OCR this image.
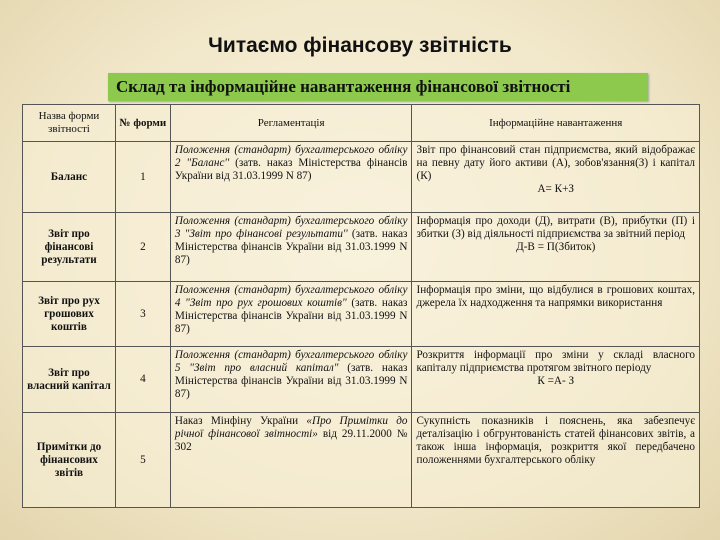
Читаємо фінансову звітність
Склад та інформаційне навантаження фінансової звітності
Назва форми звітності	№ форми	Регламентація	Інформаційне навантаження
Баланс	1	Положення (стандарт) бухгалтерського обліку 2 "Баланс'' (затв. наказ Міністерства фінансів України від 31.03.1999 N 87)	Звіт про фінансовий стан підприємства, який відображає на певну дату його активи (А), зобов'язання(З) і капітал (К)
А= К+З

Звіт про фінансові результати	2	Положення (стандарт) бухгалтерського обліку 3 "Звіт про фінансові результати'' (затв. наказ Міністерства фінансів України від 31.03.1999 N 87)	Інформація про доходи (Д), витрати (В), прибутки (П) і збитки (З) від діяльності підприємства за звітний період
Д-В = П(Збиток)

Звіт про рух грошових коштів	3	Положення (стандарт) бухгалтерського обліку 4 "Звіт про рух грошових коштів" (затв. наказ Міністерства фінансів України від 31.03.1999 N 87)	Інформація про зміни, що відбулися в грошових коштах, джерела їх надходження та напрямки використання

Звіт про власний капітал	4	Положення (стандарт) бухгалтерського обліку 5 "Звіт про власний капітал" (затв. наказ Міністерства фінансів України від 31.03.1999 N 87)	Розкриття інформації про зміни у складі власного капіталу підприємства протягом звітного періоду
К =А- З

Примітки до фінансових звітів	5	Наказ Мінфіну України «Про Примітки до річної фінансової звітності» від 29.11.2000 № 302	Сукупність показників і пояснень, яка забезпечує деталізацію і обгрунтованість статей фінансових звітів, а також інша інформація, розкриття якої передбачено положеннями бухгалтерського обліку
